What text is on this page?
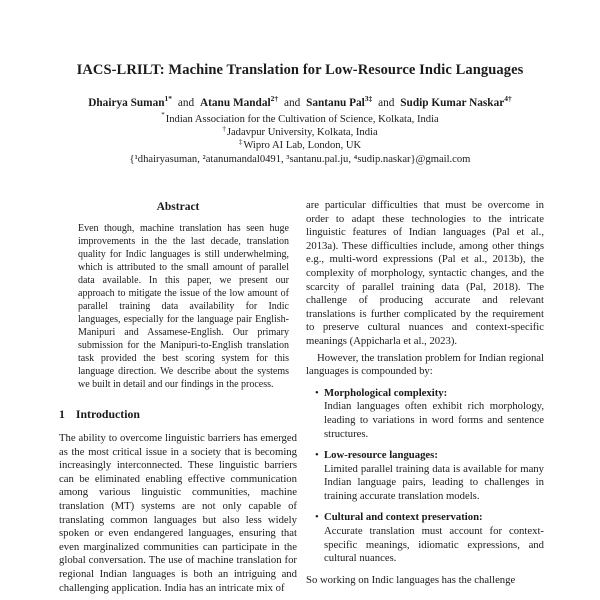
IACS-LRILT: Machine Translation for Low-Resource Indic Languages
Dhairya Suman$^{1*}$ and Atanu Mandal$^{2\dagger}$ and Santanu Pal$^{3\ddagger}$ and Sudip Kumar Naskar$^{4\dagger}$
*Indian Association for the Cultivation of Science, Kolkata, India
†Jadavpur University, Kolkata, India
‡Wipro AI Lab, London, UK
{¹dhairyasuman, ²atanumandal0491, ³santanu.pal.ju, ⁴sudip.naskar}@gmail.com
Abstract

Even though, machine translation has seen huge improvements in the the last decade, translation quality for Indic languages is still underwhelming, which is attributed to the small amount of parallel data available. In this paper, we present our approach to mitigate the issue of the low amount of parallel training data availability for Indic languages, especially for the language pair English-Manipuri and Assamese-English. Our primary submission for the Manipuri-to-English translation task provided the best scoring system for this language direction. We describe about the systems we built in detail and our findings in the process.

1 Introduction

The ability to overcome linguistic barriers has emerged as the most critical issue in a society that is becoming increasingly interconnected. These linguistic barriers can be eliminated enabling effective communication among various linguistic communities, machine translation (MT) systems are not only capable of translating common languages but also less widely spoken or even endangered languages, ensuring that even marginalized communities can participate in the global conversation. The use of machine translation for regional Indian languages is both an intriguing and challenging application. India has an intricate mix of

are particular difficulties that must be overcome in order to adapt these technologies to the intricate linguistic features of Indian languages (Pal et al., 2013a). These difficulties include, among other things e.g., multi-word expressions (Pal et al., 2013b), the complexity of morphology, syntactic changes, and the scarcity of parallel training data (Pal, 2018). The challenge of producing accurate and relevant translations is further complicated by the requirement to preserve cultural nuances and context-specific meanings (Appicharla et al., 2023).

However, the translation problem for Indian regional languages is compounded by:

• Morphological complexity:
Indian languages often exhibit rich morphology, leading to variations in word forms and sentence structures.
• Low-resource languages:
Limited parallel training data is available for many Indian language pairs, leading to challenges in training accurate translation models.
• Cultural and context preservation:
Accurate translation must account for context-specific meanings, idiomatic expressions, and cultural nuances.

So working on Indic languages has the challenge
